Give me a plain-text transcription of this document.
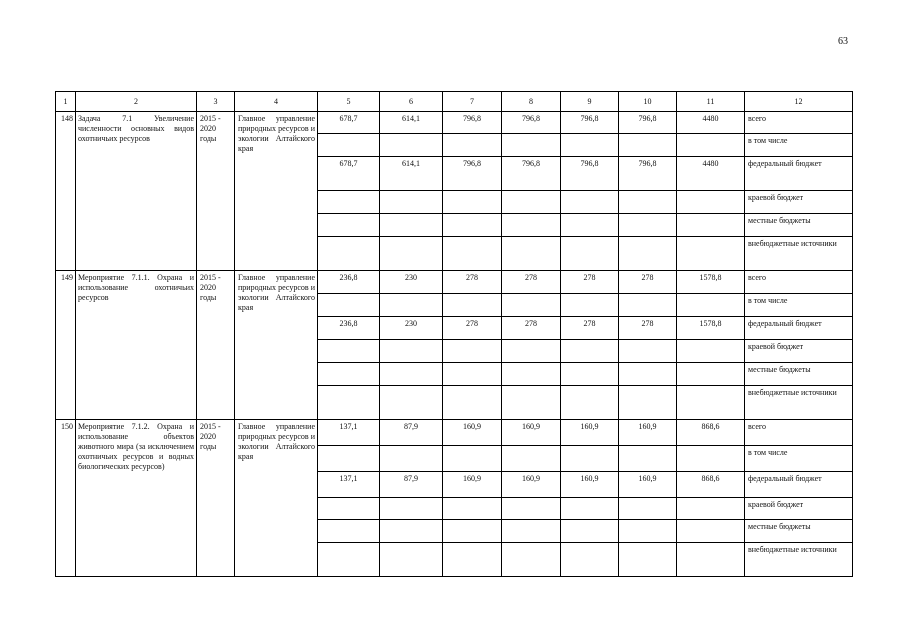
63
1	2	3	4	5	6	7	8	9	10	11	12
148	Задача 7.1 Увеличение численности основных видов охотничьих ресурсов	2015 - 2020 годы	Главное управление природных ресурсов и экологии Алтайского края	678,7	614,1	796,8	796,8	796,8	796,8	4480	всего
											в том числе
				678,7	614,1	796,8	796,8	796,8	796,8	4480	федеральный бюджет
											краевой бюджет
											местные бюджеты
											внебюджетные источники
149	Мероприятие 7.1.1. Охрана и использование охотничьих ресурсов	2015 - 2020 годы	Главное управление природных ресурсов и экологии Алтайского края	236,8	230	278	278	278	278	1578,8	всего
											в том числе
				236,8	230	278	278	278	278	1578,8	федеральный бюджет
											краевой бюджет
											местные бюджеты
											внебюджетные источники
150	Мероприятие 7.1.2. Охрана и использование объектов животного мира (за исключением охотничьих ресурсов и водных биологических ресурсов)	2015 - 2020 годы	Главное управление природных ресурсов и экологии Алтайского края	137,1	87,9	160,9	160,9	160,9	160,9	868,6	всего
											в том числе
				137,1	87,9	160,9	160,9	160,9	160,9	868,6	федеральный бюджет
											краевой бюджет
											местные бюджеты
											внебюджетные источники
